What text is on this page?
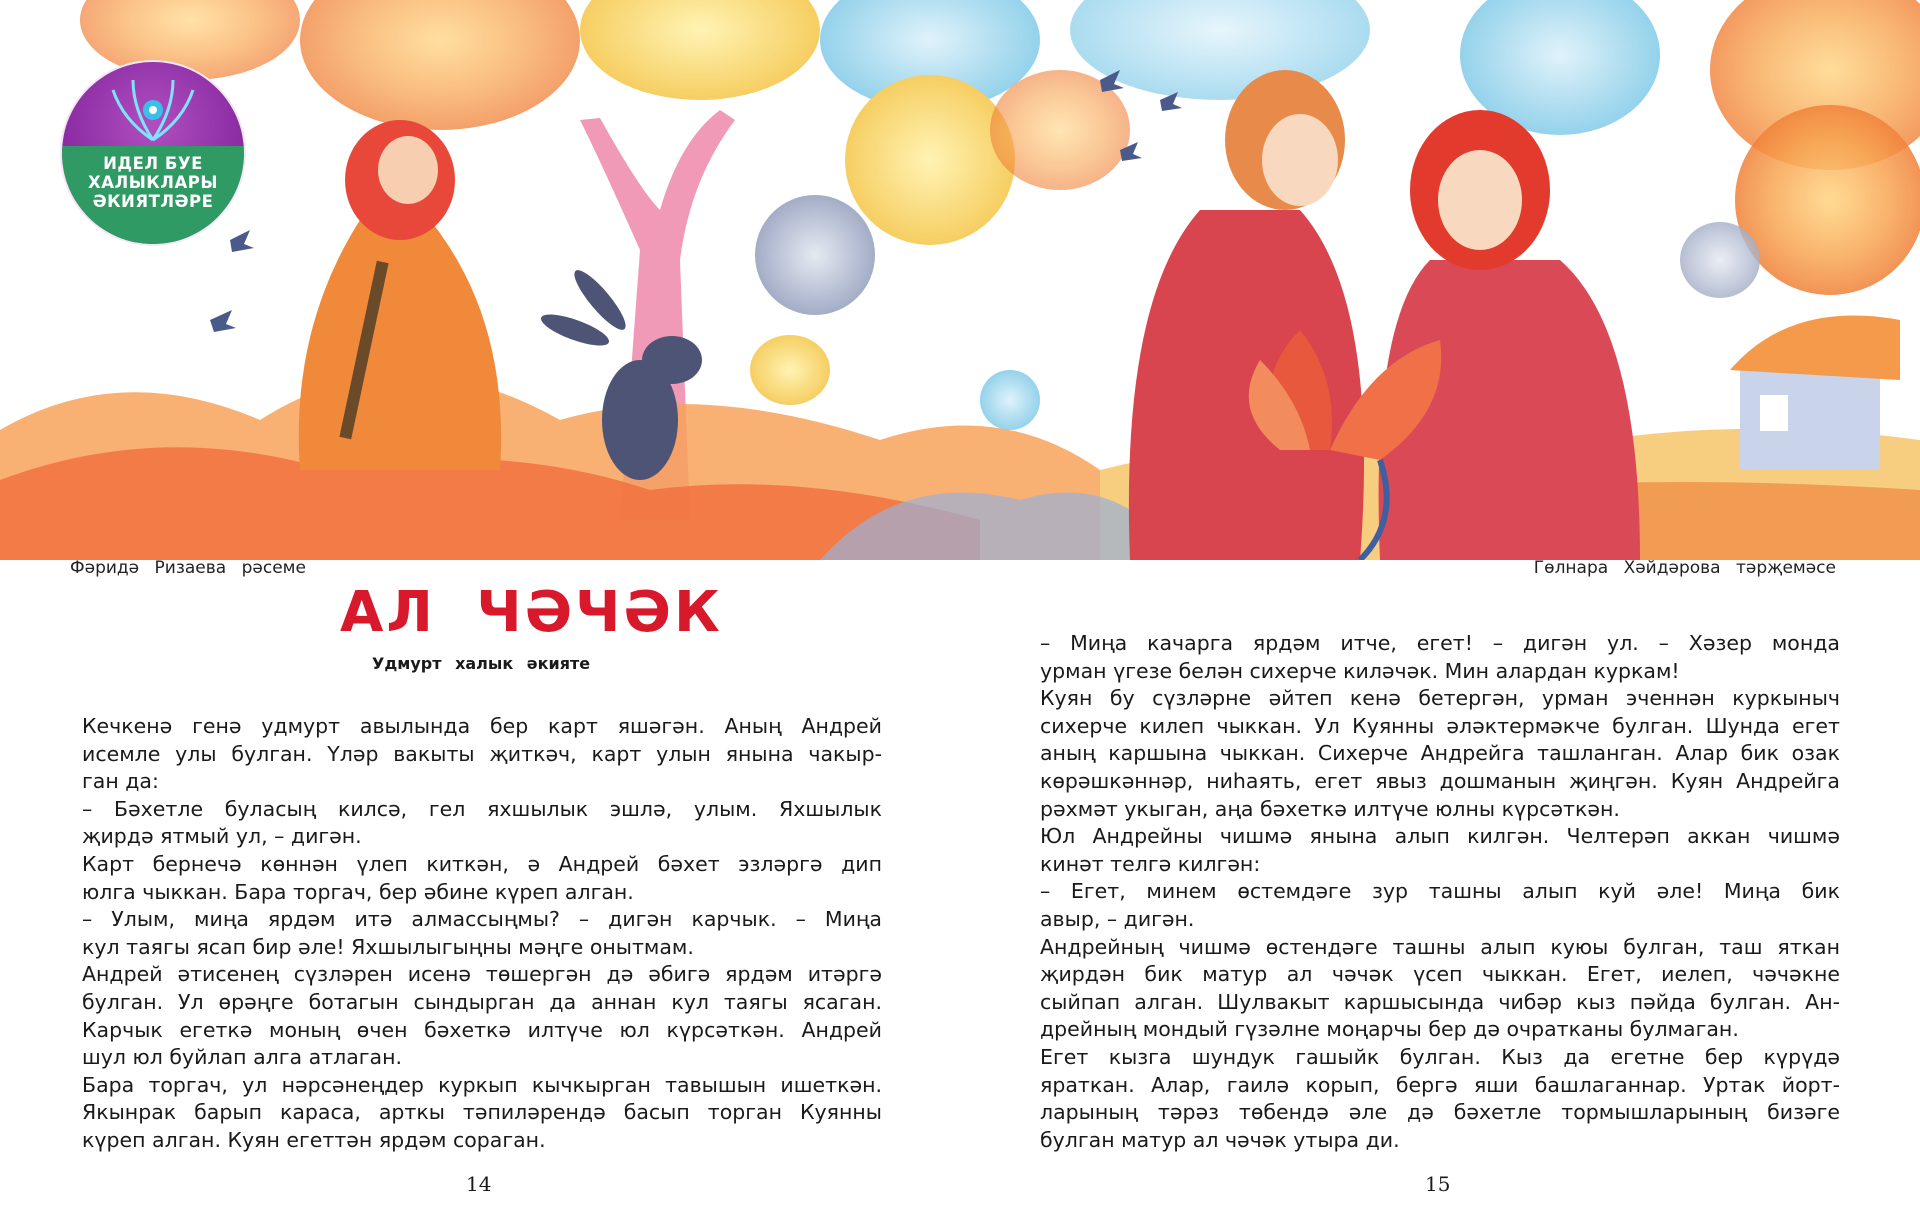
ИДЕЛ БУЕ
ХАЛЫКЛАРЫ
ӘКИЯТЛӘРЕ
Фәридә Ризаева рәсеме	Гөлнара Хәйдәрова тәрҗемәсе
АЛ ЧӘЧӘК
Удмурт халык әкияте
Кечкенә генә удмурт авылында бер карт яшәгән. Аның Андрей
исемле улы булган. Үләр вакыты җиткәч, карт улын янына чакыр-
ган да:
– Бәхетле буласың килсә, гел яхшылык эшлә, улым. Яхшылык
җирдә ятмый ул, – дигән.
Карт бернечә көннән үлеп киткән, ә Андрей бәхет эзләргә дип
юлга чыккан. Бара торгач, бер әбине күреп алган.
– Улым, миңа ярдәм итә алмассыңмы? – дигән карчык. – Миңа
кул таягы ясап бир әле! Яхшылыгыңны мәңге онытмам.
Андрей әтисенең сүзләрен исенә төшергән дә әбигә ярдәм итәргә
булган. Ул өрәңге ботагын сындырган да аннан кул таягы ясаган.
Карчык егеткә моның өчен бәхеткә илтүче юл күрсәткән. Андрей
шул юл буйлап алга атлаган.
Бара торгач, ул нәрсәнеңдер куркып кычкырган тавышын ишеткән.
Якынрак барып караса, арткы тәпиләрендә басып торган Куянны
күреп алган. Куян егеттән ярдәм сораган.
– Миңа качарга ярдәм итче, егет! – дигән ул. – Хәзер монда
урман үгезе белән сихерче киләчәк. Мин алардан куркам!
Куян бу сүзләрне әйтеп кенә бетергән, урман эченнән куркыныч
сихерче килеп чыккан. Ул Куянны әләктермәкче булган. Шунда егет
аның каршына чыккан. Сихерче Андрейга ташланган. Алар бик озак
көрәшкәннәр, ниһаять, егет явыз дошманын җиңгән. Куян Андрейга
рәхмәт укыган, аңа бәхеткә илтүче юлны күрсәткән.
Юл Андрейны чишмә янына алып килгән. Челтерәп аккан чишмә
кинәт телгә килгән:
– Егет, минем өстемдәге зур ташны алып куй әле! Миңа бик
авыр, – дигән.
Андрейның чишмә өстендәге ташны алып куюы булган, таш яткан
җирдән бик матур ал чәчәк үсеп чыккан. Егет, иелеп, чәчәкне
сыйпап алган. Шулвакыт каршысында чибәр кыз пәйда булган. Ан-
дрейның мондый гүзәлне моңарчы бер дә очратканы булмаган.
Егет кызга шундук гашыйк булган. Кыз да егетне бер күрүдә
яраткан. Алар, гаилә корып, бергә яши башлаганнар. Уртак йорт-
ларының тәрәз төбендә әле дә бәхетле тормышларының бизәге
булган матур ал чәчәк утыра ди.
14	15
